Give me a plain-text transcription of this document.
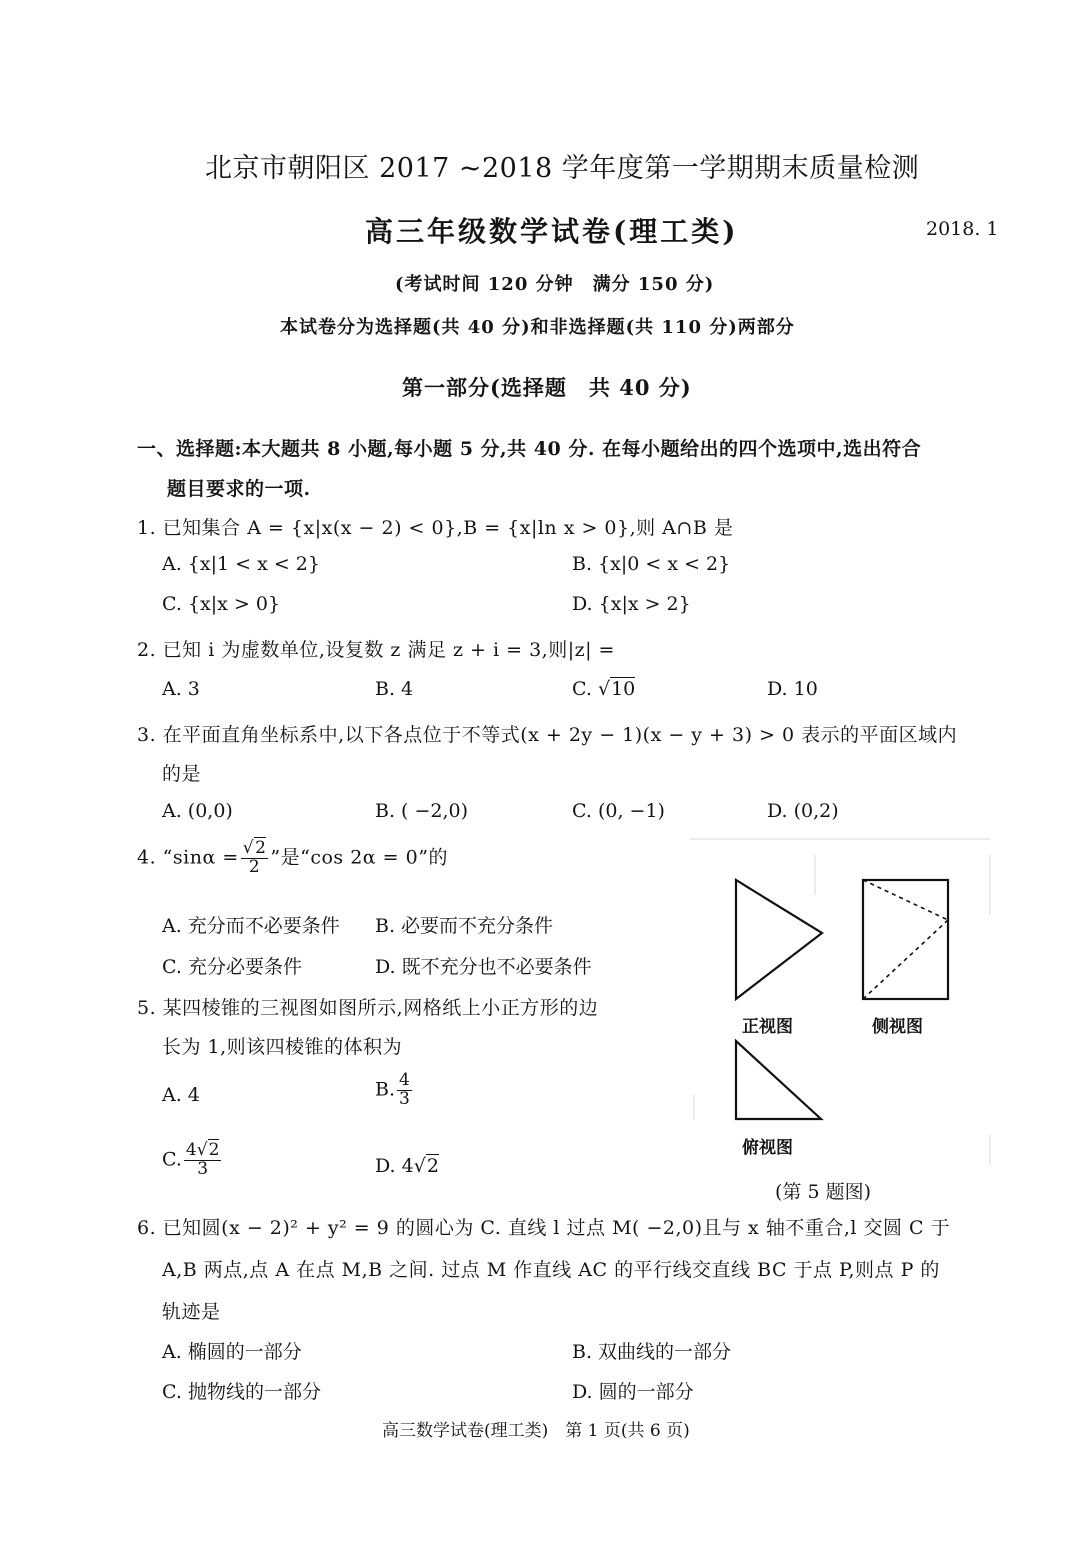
北京市朝阳区 2017 ~2018 学年度第一学期期末质量检测
高三年级数学试卷(理工类)	2018. 1
(考试时间 120 分钟　满分 150 分)
本试卷分为选择题(共 40 分)和非选择题(共 110 分)两部分
第一部分(选择题　共 40 分)
一、选择题:本大题共 8 小题,每小题 5 分,共 40 分. 在每小题给出的四个选项中,选出符合
题目要求的一项.
1. 已知集合 A = {x|x(x − 2) < 0},B = {x|ln x > 0},则 A∩B 是
A. {x|1 < x < 2}	B. {x|0 < x < 2}
C. {x|x > 0}	D. {x|x > 2}
2. 已知 i 为虚数单位,设复数 z 满足 z + i = 3,则|z| =
A. 3	B. 4	C. √10	D. 10
3. 在平面直角坐标系中,以下各点位于不等式(x + 2y − 1)(x − y + 3) > 0 表示的平面区域内
的是
A. (0,0)	B. ( −2,0)	C. (0, −1)	D. (0,2)
4. “$\sin\alpha = \frac{√2}{2}$ ”是“cos 2α = 0”的
A. 充分而不必要条件 B. 必要而不充分条件
C. 充分必要条件	D. 既不充分也不必要条件
5. 某四棱锥的三视图如图所示,网格纸上小正方形的边
长为 1,则该四棱锥的体积为
A. 4	B. $\frac{4}{3}$
C. $\frac{4√2}{3}$	D. 4√2
正视图	侧视图
俯视图
(第 5 题图)
6. 已知圆(x − 2)² + y² = 9 的圆心为 C. 直线 l 过点 M( −2,0)且与 x 轴不重合,l 交圆 C 于
A,B 两点,点 A 在点 M,B 之间. 过点 M 作直线 AC 的平行线交直线 BC 于点 P,则点 P 的
轨迹是
A. 椭圆的一部分	B. 双曲线的一部分
C. 抛物线的一部分	D. 圆的一部分
高三数学试卷(理工类)　第 1 页(共 6 页)
